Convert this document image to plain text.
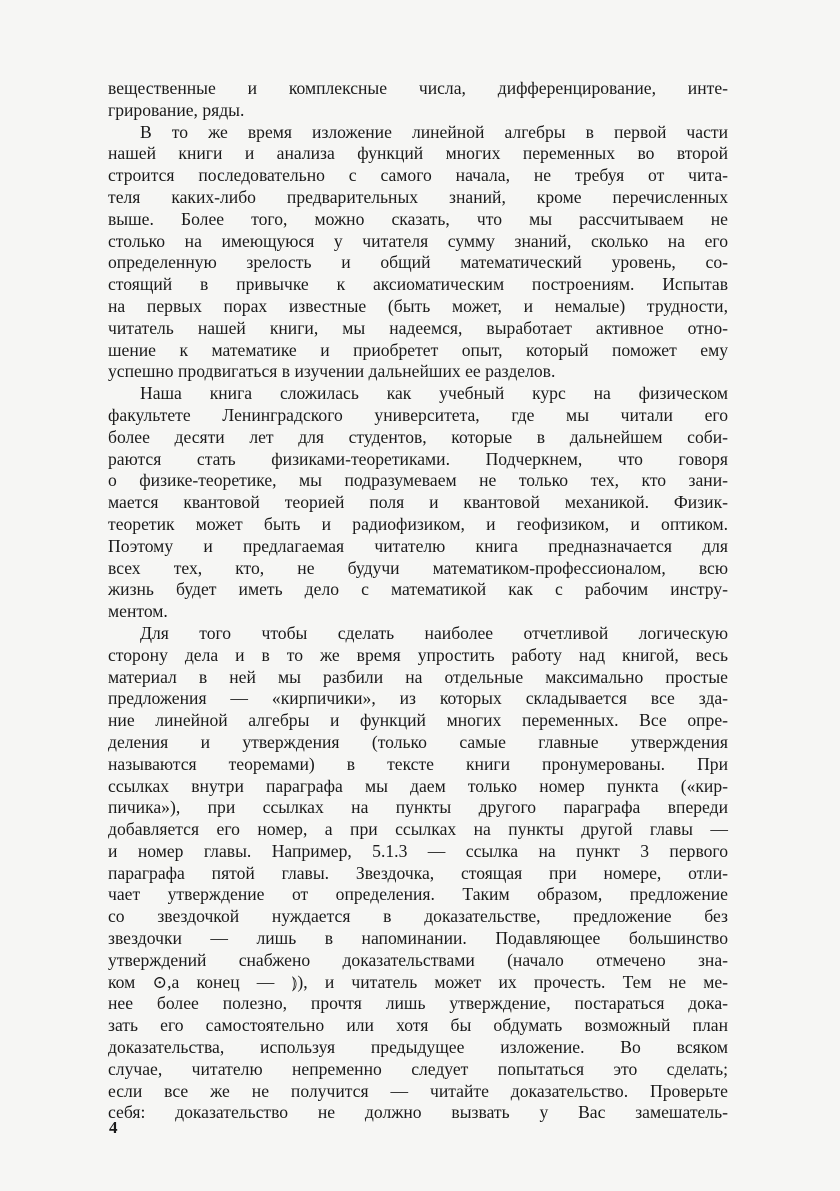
вещественные и комплексные числа, дифференцирование, инте-
грирование, ряды.
В то же время изложение линейной алгебры в первой части
нашей книги и анализа функций многих переменных во второй
строится последовательно с самого начала, не требуя от чита-
теля каких-либо предварительных знаний, кроме перечисленных
выше. Более того, можно сказать, что мы рассчитываем не
столько на имеющуюся у читателя сумму знаний, сколько на его
определенную зрелость и общий математический уровень, со-
стоящий в привычке к аксиоматическим построениям. Испытав
на первых порах известные (быть может, и немалые) трудности,
читатель нашей книги, мы надеемся, выработает активное отно-
шение к математике и приобретет опыт, который поможет ему
успешно продвигаться в изучении дальнейших ее разделов.
Наша книга сложилась как учебный курс на физическом
факультете Ленинградского университета, где мы читали его
более десяти лет для студентов, которые в дальнейшем соби-
раются стать физиками-теоретиками. Подчеркнем, что говоря
о физике-теоретике, мы подразумеваем не только тех, кто зани-
мается квантовой теорией поля и квантовой механикой. Физик-
теоретик может быть и радиофизиком, и геофизиком, и оптиком.
Поэтому и предлагаемая читателю книга предназначается для
всех тех, кто, не будучи математиком-профессионалом, всю
жизнь будет иметь дело с математикой как с рабочим инстру-
ментом.
Для того чтобы сделать наиболее отчетливой логическую
сторону дела и в то же время упростить работу над книгой, весь
материал в ней мы разбили на отдельные максимально простые
предложения — «кирпичики», из которых складывается все зда-
ние линейной алгебры и функций многих переменных. Все опре-
деления и утверждения (только самые главные утверждения
называются теоремами) в тексте книги пронумерованы. При
ссылках внутри параграфа мы даем только номер пункта («кир-
пичика»), при ссылках на пункты другого параграфа впереди
добавляется его номер, а при ссылках на пункты другой главы —
и номер главы. Например, 5.1.3 — ссылка на пункт 3 первого
параграфа пятой главы. Звездочка, стоящая при номере, отли-
чает утверждение от определения. Таким образом, предложение
со звездочкой нуждается в доказательстве, предложение без
звездочки — лишь в напоминании. Подавляющее большинство
утверждений снабжено доказательствами (начало отмечено зна-
ком ⊙,а конец — ⦆), и читатель может их прочесть. Тем не ме-
нее более полезно, прочтя лишь утверждение, постараться дока-
зать его самостоятельно или хотя бы обдумать возможный план
доказательства, используя предыдущее изложение. Во всяком
случае, читателю непременно следует попытаться это сделать;
если все же не получится — читайте доказательство. Проверьте
себя: доказательство не должно вызвать у Вас замешатель-
4
